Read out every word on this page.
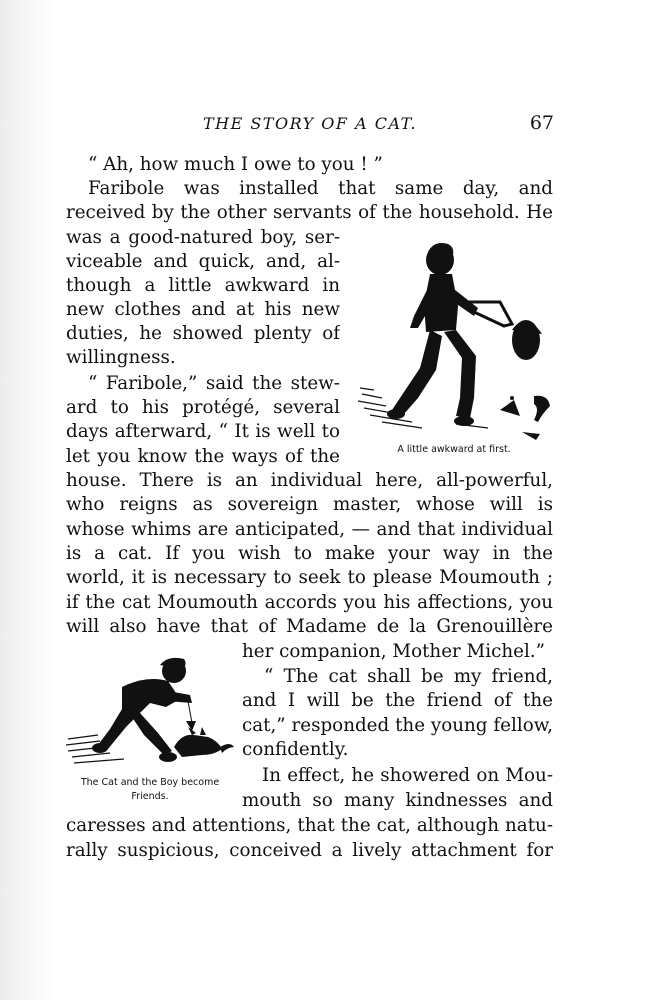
THE STORY OF A CAT.	67
“ Ah, how much I owe to you ! ”
Faribole was installed that same day, and
received by the other servants of the household. He
was a good-natured boy, ser-
viceable and quick, and, al-
though a little awkward in
new clothes and at his new
duties, he showed plenty of
willingness.
“ Faribole,” said the stew-
ard to his protégé, several
days afterward, “ It is well to
let you know the ways of the
house. There is an individual here, all-powerful,
who reigns as sovereign master, whose will is
whose whims are anticipated, — and that individual
is a cat. If you wish to make your way in the
world, it is necessary to seek to please Moumouth ;
if the cat Moumouth accords you his affections, you
will also have that of Madame de la Grenouillère
her companion, Mother Michel.”
“ The cat shall be my friend,
and I will be the friend of the
cat,” responded the young fellow,
confidently.
In effect, he showered on Mou-
mouth so many kindnesses and
caresses and attentions, that the cat, although natu-
rally suspicious, conceived a lively attachment for
A little awkward at first.
The Cat and the Boy become
Friends.
